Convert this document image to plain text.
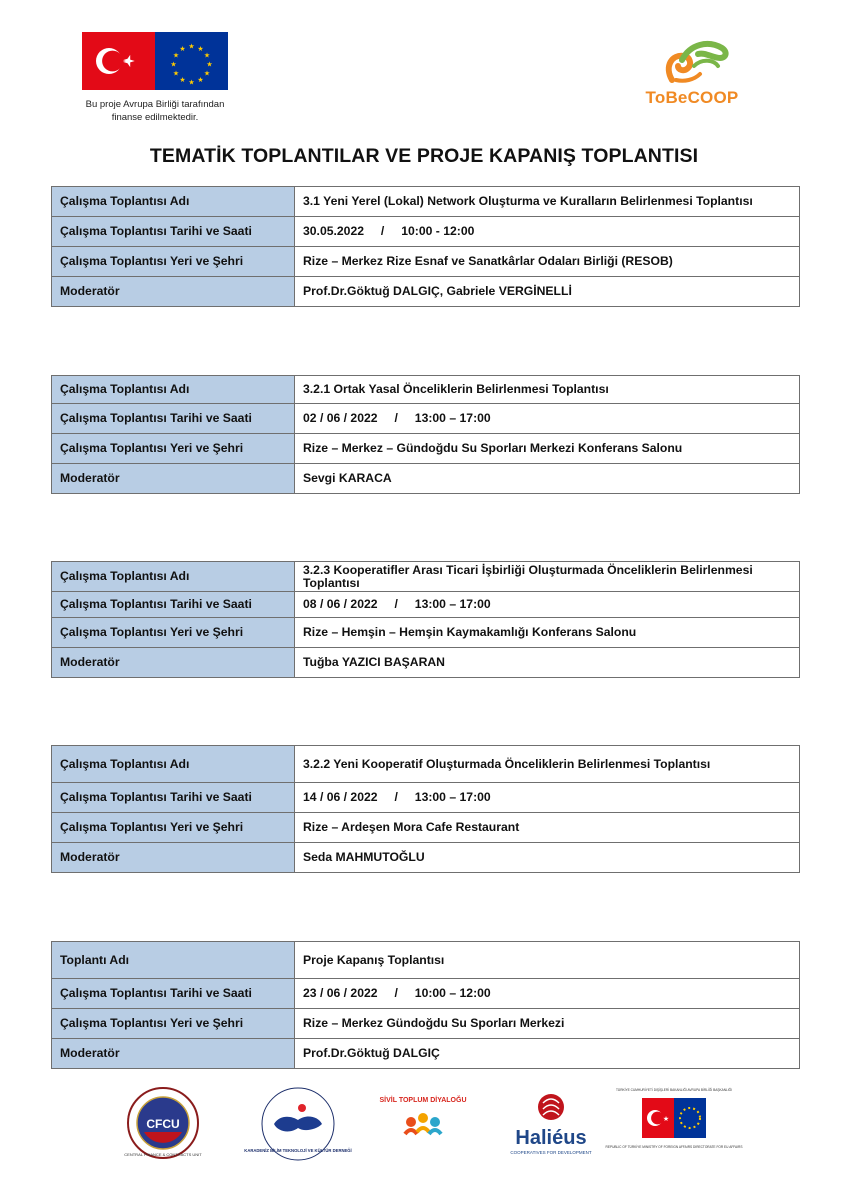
★ ★
★
★
★
★
★
★
★
★
★
★
Bu proje Avrupa Birliği tarafından
finanse edilmektedir.
ToBeCOOP
TEMATİK TOPLANTILAR VE PROJE KAPANIŞ TOPLANTISI
Çalışma Toplantısı Adı	3.1 Yeni Yerel (Lokal) Network Oluşturma ve Kuralların Belirlenmesi Toplantısı
Çalışma Toplantısı Tarihi ve Saati	30.05.2022     /     10:00 - 12:00
Çalışma Toplantısı Yeri ve Şehri	Rize – Merkez Rize Esnaf ve Sanatkârlar Odaları Birliği (RESOB)
Moderatör	Prof.Dr.Göktuğ DALGIÇ, Gabriele VERGİNELLİ
Çalışma Toplantısı Adı	3.2.1 Ortak Yasal Önceliklerin Belirlenmesi Toplantısı
Çalışma Toplantısı Tarihi ve Saati	02 / 06 / 2022     /     13:00 – 17:00
Çalışma Toplantısı Yeri ve Şehri	Rize – Merkez – Gündoğdu Su Sporları Merkezi Konferans Salonu
Moderatör	Sevgi KARACA
Çalışma Toplantısı Adı	3.2.3 Kooperatifler Arası Ticari İşbirliği Oluşturmada Önceliklerin Belirlenmesi Toplantısı
Çalışma Toplantısı Tarihi ve Saati	08 / 06 / 2022     /     13:00 – 17:00
Çalışma Toplantısı Yeri ve Şehri	Rize – Hemşin – Hemşin Kaymakamlığı Konferans Salonu
Moderatör	Tuğba YAZICI BAŞARAN
Çalışma Toplantısı Adı	3.2.2 Yeni Kooperatif Oluşturmada Önceliklerin Belirlenmesi Toplantısı
Çalışma Toplantısı Tarihi ve Saati	14 / 06 / 2022     /     13:00 – 17:00
Çalışma Toplantısı Yeri ve Şehri	Rize – Ardeşen Mora Cafe Restaurant
Moderatör	Seda MAHMUTOĞLU
Toplantı Adı	Proje Kapanış Toplantısı
Çalışma Toplantısı Tarihi ve Saati	23 / 06 / 2022     /     10:00 – 12:00
Çalışma Toplantısı Yeri ve Şehri	Rize – Merkez Gündoğdu Su Sporları Merkezi
Moderatör	Prof.Dr.Göktuğ DALGIÇ
CFCU
CENTRAL FINANCE & CONTRACTS UNIT
KARADENİZ BİLİM TEKNOLOJİ VE KÜLTÜR DERNEĞİ
SİVİL TOPLUM DİYALOĞU
Haliéus
COOPERATIVES FOR DEVELOPMENT
TÜRKİYE CUMHURİYETİ DIŞİŞLERİ BAKANLIĞI AVRUPA BİRLİĞİ BAŞKANLIĞI
★
REPUBLIC OF TÜRKİYE MINISTRY OF FOREIGN AFFAIRS DIRECTORATE FOR EU AFFAIRS
